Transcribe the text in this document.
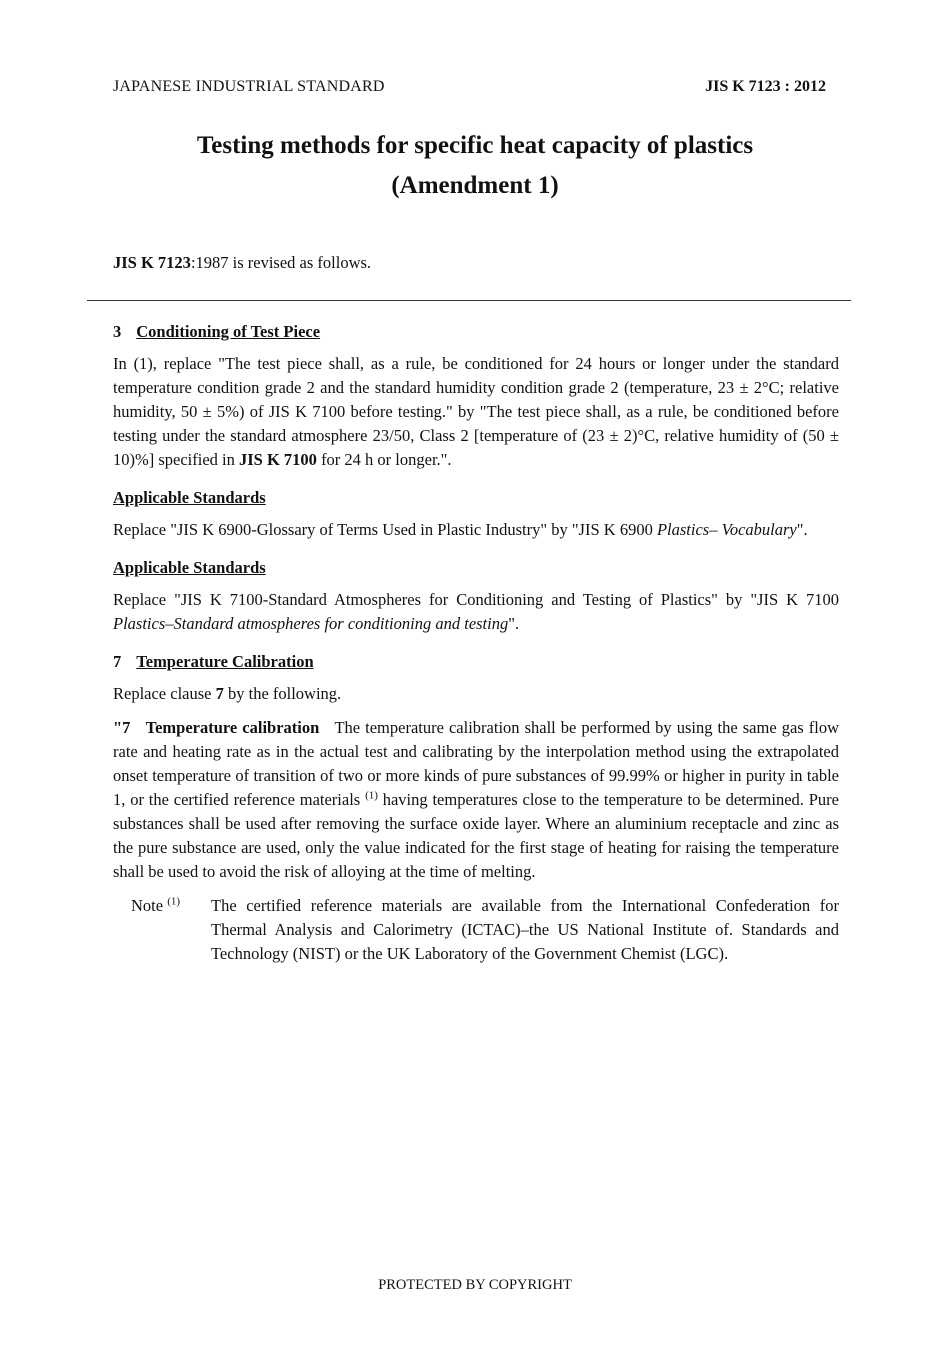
JAPANESE INDUSTRIAL STANDARD	JIS K 7123 : 2012
Testing methods for specific heat capacity of plastics
(Amendment 1)
JIS K 7123:1987 is revised as follows.
3 Conditioning of Test Piece

In (1), replace "The test piece shall, as a rule, be conditioned for 24 hours or longer under the standard temperature condition grade 2 and the standard humidity condition grade 2 (temperature, 23 ± 2°C; relative humidity, 50 ± 5%) of JIS K 7100 before testing." by "The test piece shall, as a rule, be conditioned before testing under the standard atmosphere 23/50, Class 2 [temperature of (23 ± 2)°C, relative humidity of (50 ± 10)%] specified in JIS K 7100 for 24 h or longer.".

Applicable Standards

Replace "JIS K 6900-Glossary of Terms Used in Plastic Industry" by "JIS K 6900 Plastics– Vocabulary".

Applicable Standards

Replace "JIS K 7100-Standard Atmospheres for Conditioning and Testing of Plastics" by "JIS K 7100 Plastics–Standard atmospheres for conditioning and testing".

7 Temperature Calibration

Replace clause 7 by the following.

"7 Temperature calibration The temperature calibration shall be performed by using the same gas flow rate and heating rate as in the actual test and calibrating by the interpolation method using the extrapolated onset temperature of transition of two or more kinds of pure substances of 99.99% or higher in purity in table 1, or the certified reference materials $^{(1)}$ having temperatures close to the temperature to be determined. Pure substances shall be used after removing the surface oxide layer. Where an aluminium receptacle and zinc as the pure substance are used, only the value indicated for the first stage of heating for raising the temperature shall be used to avoid the risk of alloying at the time of melting.

Note $^{(1)}$	The certified reference materials are available from the International Confederation for Thermal Analysis and Calorimetry (ICTAC)–the US National Institute of. Standards and Technology (NIST) or the UK Laboratory of the Government Chemist (LGC).
PROTECTED BY COPYRIGHT
